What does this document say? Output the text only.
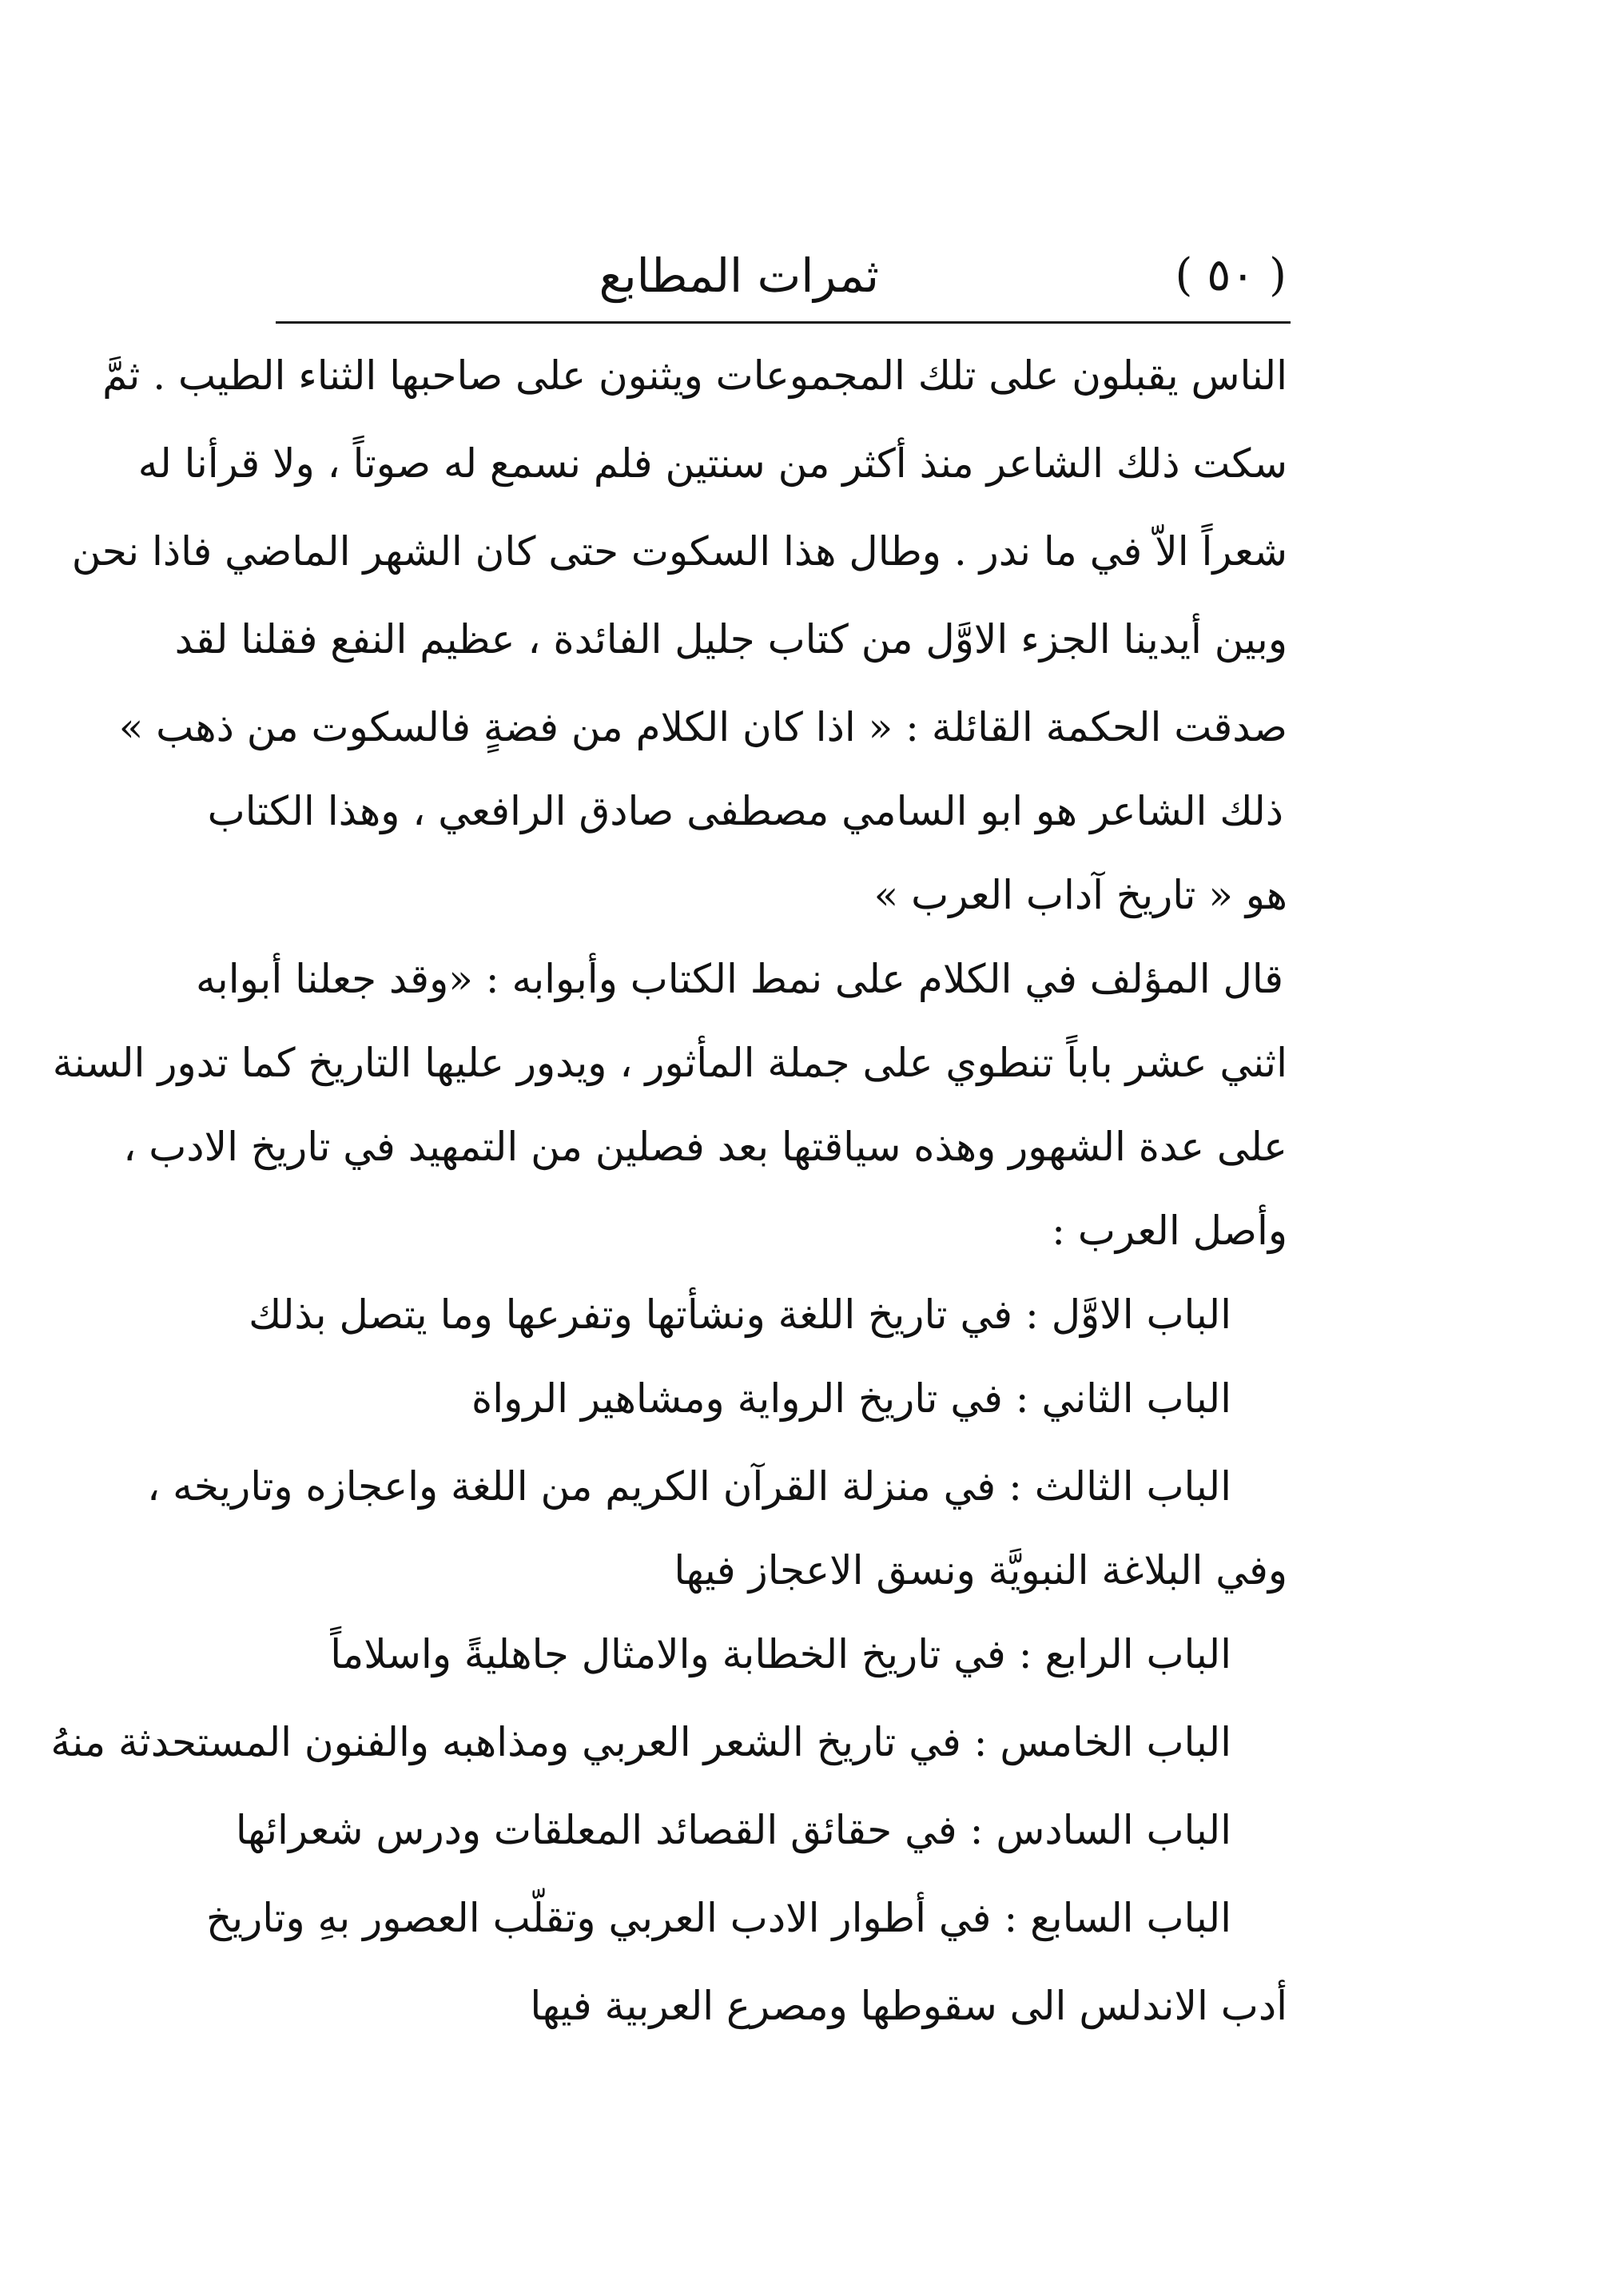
( ٥٠ )
ثمرات المطابع
الناس يقبلون على تلك المجموعات ويثنون على صاحبها الثناء الطيب . ثمَّ
سكت ذلك الشاعر منذ أكثر من سنتين فلم نسمع له صوتاً ، ولا قرأنا له
شعراً الاّ في ما ندر . وطال هذا السكوت حتى كان الشهر الماضي فاذا نحن
وبين أيدينا الجزء الاوَّل من كتاب جليل الفائدة ، عظيم النفع فقلنا لقد
صدقت الحكمة القائلة : « اذا كان الكلام من فضةٍ فالسكوت من ذهب »
ذلك الشاعر هو ابو السامي مصطفى صادق الرافعي ، وهذا الكتاب
هو « تاريخ آداب العرب »
قال المؤلف في الكلام على نمط الكتاب وأبوابه : «وقد جعلنا أبوابه
اثني عشر باباً تنطوي على جملة المأثور ، ويدور عليها التاريخ كما تدور السنة
على عدة الشهور وهذه سياقتها بعد فصلين من التمهيد في تاريخ الادب ،
وأصل العرب :
الباب الاوَّل : في تاريخ اللغة ونشأتها وتفرعها وما يتصل بذلك
الباب الثاني : في تاريخ الرواية ومشاهير الرواة
الباب الثالث : في منزلة القرآن الكريم من اللغة واعجازه وتاريخه ،
وفي البلاغة النبويَّة ونسق الاعجاز فيها
الباب الرابع : في تاريخ الخطابة والامثال جاهليةً واسلاماً
الباب الخامس : في تاريخ الشعر العربي ومذاهبه والفنون المستحدثة منهُ
الباب السادس : في حقائق القصائد المعلقات ودرس شعرائها
الباب السابع : في أطوار الادب العربي وتقلّب العصور بهِ وتاريخ
أدب الاندلس الى سقوطها ومصرع العربية فيها
